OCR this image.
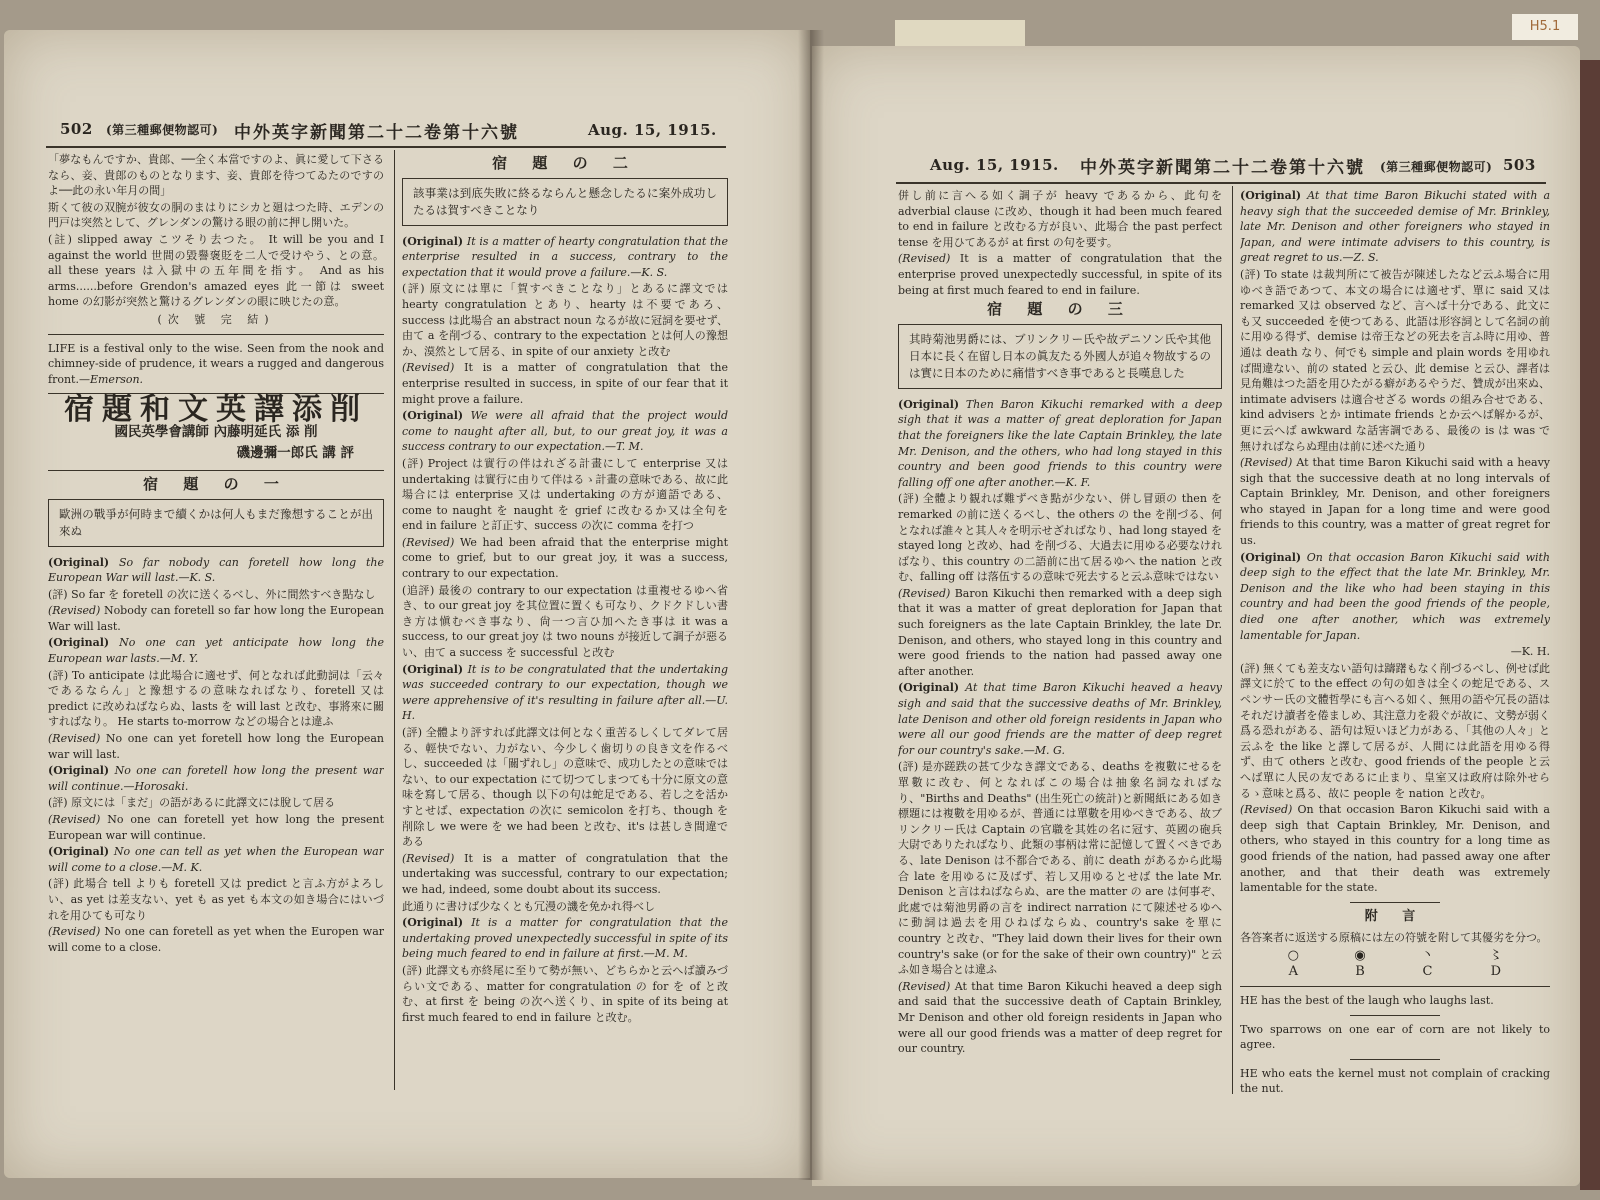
H5.1
502 (第三種郵便物認可) 中外英字新聞第二十二卷第十六號	Aug. 15, 1915.

「夢なもんですか、貴郎、──全く本當ですのよ、眞に愛して下さるなら、妾、貴郎のものとなります、妾、貴郎を待つてゐたのですのよ──此の永い年月の間」

斯くて彼の双腕が彼女の胴のまはりにシカと廻はつた時、エデンの門戸は突然として、グレンダンの驚ける眼の前に押し開いた。

(註) slipped away こツそり去つた。 It will be you and I against the world 世間の毀譽褒貶を二人で受けやう、との意。 all these years は入獄中の五年間を指す。 And as his arms......before Grendon's amazed eyes 此一節は sweet home の幻影が突然と驚けるグレンダンの眼に映じたの意。

(次 號 完 結)

LIFE is a festival only to the wise. Seen from the nook and chimney-side of prudence, it wears a rugged and dangerous front.—Emerson.

宿題和文英譯添削
國民英學會講師 內藤明延氏 添 削
磯邊彌一郎氏 講 評
宿 題 の 一
歐洲の戰爭が何時まで續くかは何人もまだ豫想することが出來ぬ

(Original) So far nobody can foretell how long the European War will last.—K. S.

(評) So far を foretell の次に送くるべし、外に間然すべき點なし

(Revised) Nobody can foretell so far how long the European War will last.

(Original) No one can yet anticipate how long the European war lasts.—M. Y.

(評) To anticipate は此場合に適せず、何となれば此動詞は「云々であるならん」と豫想するの意味なればなり、foretell 又は predict に改めねばならぬ、lasts を will last と改む、事將來に關すればなり。 He starts to-morrow などの場合とは違ふ

(Revised) No one can yet foretell how long the European war will last.

(Original) No one can foretell how long the present war will continue.—Horosaki.

(評) 原文には「まだ」の語があるに此譯文には脫して居る

(Revised) No one can foretell yet how long the present European war will continue.

(Original) No one can tell as yet when the European war will come to a close.—M. K.

(評) 此場合 tell よりも foretell 又は predict と言ふ方がよろしい、as yet は差支ない、yet も as yet も本文の如き場合にはいづれを用ひても可なり

(Revised) No one can foretell as yet when the Europen war will come to a close.

宿 題 の 二
該事業は到底失敗に終るならんと懸念したるに案外成功したるは賀すべきことなり

(Original) It is a matter of hearty congratulation that the enterprise resulted in a success, contrary to the expectation that it would prove a failure.—K. S.

(評) 原文には單に「賀すべきことなり」とあるに譯文では hearty congratulation とあり、hearty は不要であろ、success は此場合 an abstract noun なるが故に冠詞を要せず、由て a を削づる、contrary to the expectation とは何人の豫想か、漠然として居る、in spite of our anxiety と改む

(Revised) It is a matter of congratulation that the enterprise resulted in success, in spite of our fear that it might prove a failure.

(Original) We were all afraid that the project would come to naught after all, but, to our great joy, it was a success contrary to our expectation.—T. M.

(評) Project は實行の伴はれざる計畫にして enterprise 又は undertaking は實行に由りて伴はるゝ計畫の意味である、故に此場合には enterprise 又は undertaking の方が適語である、come to naught を naught を grief に改むるか又は全句を end in failure と訂正す、success の次に comma を打つ

(Revised) We had been afraid that the enterprise might come to grief, but to our great joy, it was a success, contrary to our expectation.

(追評) 最後の contrary to our expectation は重複せるゆへ省き、to our great joy を其位置に置くも可なり、クドクドしい書き方は愼むべき事なり、尙一つ言ひ加へたき事は it was a success, to our great joy は two nouns が接近して調子が惡るい、由て a success を successful と改む

(Original) It is to be congratulated that the undertaking was succeeded contrary to our expectation, though we were apprehensive of it's resulting in failure after all.—U. H.

(評) 全體より評すれば此譯文は何となく重苦るしくしてダレて居る、輕快でない、力がない、今少しく歯切りの良き文を作るべし、succeeded は「關ずれし」の意味で、成功したとの意味ではない、to our expectation にて切つてしまつても十分に原文の意味を寫して居る、though 以下の句は蛇足である、若し之を活かすとせば、expectation の次に semicolon を打ち、though を削除し we were を we had been と改む、it's は甚しき間違である

(Revised) It is a matter of congratulation that the undertaking was successful, contrary to our expectation; we had, indeed, some doubt about its success.

此通りに書けば少なくとも冗漫の譏を免かれ得べし

(Original) It is a matter for congratulation that the undertaking proved unexpectedly successful in spite of its being much feared to end in failure at first.—M. M.

(評) 此譯文も亦終尾に至りて勢が無い、どちらかと云へば讀みづらい文である、matter for congratulation の for を of と改む、at first を being の次へ送くり、in spite of its being at first much feared to end in failure と改む。

Aug. 15, 1915. 中外英字新聞第二十二卷第十六號 (第三種郵便物認可) 503

併し前に言へる如く調子が heavy であるから、此句を adverbial clause に改め、though it had been much feared to end in failure と改むる方が良い、此場合 the past perfect tense を用ひてあるが at first の句を要す。

(Revised) It is a matter of congratulation that the enterprise proved unexpectedly successful, in spite of its being at first much feared to end in failure.

宿 題 の 三
其時菊池男爵には、ブリンクリー氏や故デニソン氏や其他日本に長く在留し日本の眞友たる外國人が追々物故するのは實に日本のために痛惜すべき事であると長嘆息した

(Original) Then Baron Kikuchi remarked with a deep sigh that it was a matter of great deploration for Japan that the foreigners like the late Captain Brinkley, the late Mr. Denison, and the others, who had long stayed in this country and been good friends to this country were falling off one after another.—K. F.

(評) 全體より観れば難ずべき點が少ない、併し冒頭の then を remarked の前に送くるべし、the others の the を削づる、何となれば誰々と其人々を明示せざればなり、had long stayed を stayed long と改め、had を削づる、大過去に用ゆる必要なければなり、this country の二語前に出て居るゆへ the nation と改む、falling off は落伍するの意味で死去すると云ふ意味ではない

(Revised) Baron Kikuchi then remarked with a deep sigh that it was a matter of great deploration for Japan that such foreigners as the late Captain Brinkley, the late Dr. Denison, and others, who stayed long in this country and were good friends to the nation had passed away one after another.

(Original) At that time Baron Kikuchi heaved a heavy sigh and said that the successive deaths of Mr. Brinkley, late Denison and other old foreign residents in Japan who were all our good friends are the matter of deep regret for our country's sake.—M. G.

(評) 是亦蹉跌の甚て少なき譯文である、deaths を複數にせるを單數に改む、何となればこの場合は抽象名詞なればなり、"Births and Deaths" (出生死亡の統計)と新聞紙にある如き標題には複數を用ゆるが、普通には單數を用ゆべきである、故ブリンクリー氏は Captain の官職を其姓の名に冠す、英國の砲兵大尉でありたればなり、此類の事柄は常に記憶して置くべきである、late Denison は不都合である、前に death があるから此場合 late を用ゆるに及ばず、若し又用ゆるとせば the late Mr. Denison と言はねばならぬ、are the matter の are は何事ぞ、此處では菊池男爵の言を indirect narration にて陳述せるゆへに動詞は過去を用ひねばならぬ、country's sake を單に country と改む、"They laid down their lives for their own country's sake (or for the sake of their own country)" と云ふ如き場合とは違ふ

(Revised) At that time Baron Kikuchi heaved a deep sigh and said that the successive death of Captain Brinkley, Mr Denison and other old foreign residents in Japan who were all our good friends was a matter of deep regret for our country.

(Original) At that time Baron Bikuchi stated with a heavy sigh that the succeeded demise of Mr. Brinkley, late Mr. Denison and other foreigners who stayed in Japan, and were intimate advisers to this country, is great regret to us.—Z. S.

(評) To state は裁判所にて被告が陳述したなど云ふ場合に用ゆべき語であつて、本文の場合には適せず、單に said 又は remarked 又は observed など、言へば十分である、此文にも又 succeeded を使つてある、此語は形容詞として名詞の前に用ゆる得ず、demise は帝王などの死去を言ふ時に用ゆ、普通は death なり、何でも simple and plain words を用ゆれば間違ない、前の stated と云ひ、此 demise と云ひ、譯者は見角難はつた語を用ひたがる癖があるやうだ、贊成が出來ぬ、intimate advisers は適合せざる words の組み合せである、kind advisers とか intimate friends とか云へば解かるが、更に云へば awkward な話害調である、最後の is は was で無ければならぬ理由は前に述べた通り

(Revised) At that time Baron Kikuchi said with a heavy sigh that the successive death at no long intervals of Captain Brinkley, Mr. Denison, and other foreigners who stayed in Japan for a long time and were good friends to this country, was a matter of great regret for us.

(Original) On that occasion Baron Kikuchi said with deep sigh to the effect that the late Mr. Brinkley, Mr. Denison and the like who had been staying in this country and had been the good friends of the people, died one after another, which was extremely lamentable for Japan.

—K. H.

(評) 無くても差支ない語句は躊躇もなく削づるべし、例せば此譯文に於て to the effect の句の如きは全くの蛇足である、スペンサー氏の文體哲學にも言へる如く、無用の語や冗長の語はそれだけ讀者を倦ましめ、其注意力を殺ぐが故に、文勢が弱く爲る恐れがある、語句は短いほど力がある、「其他の人々」と云ふを the like と譯して居るが、人間には此語を用ゆる得ず、由て others と改む、good friends of the people と云へば單に人民の友であるに止まり、皇室又は政府は除外せらるゝ意味と爲る、故に people を nation と改む。

(Revised) On that occasion Baron Kikuchi said with a deep sigh that Captain Brinkley, Mr. Denison, and others, who stayed in this country for a long time as good friends of the nation, had passed away one after another, and that their death was extremely lamentable for the state.

附 言

各答案者に返送する原稿には左の符號を附して其優劣を分つ。

○
A
◉
B
丶
C
〻
D

HE has the best of the laugh who laughs last.

Two sparrows on one ear of corn are not likely to agree.

HE who eats the kernel must not complain of cracking the nut.
